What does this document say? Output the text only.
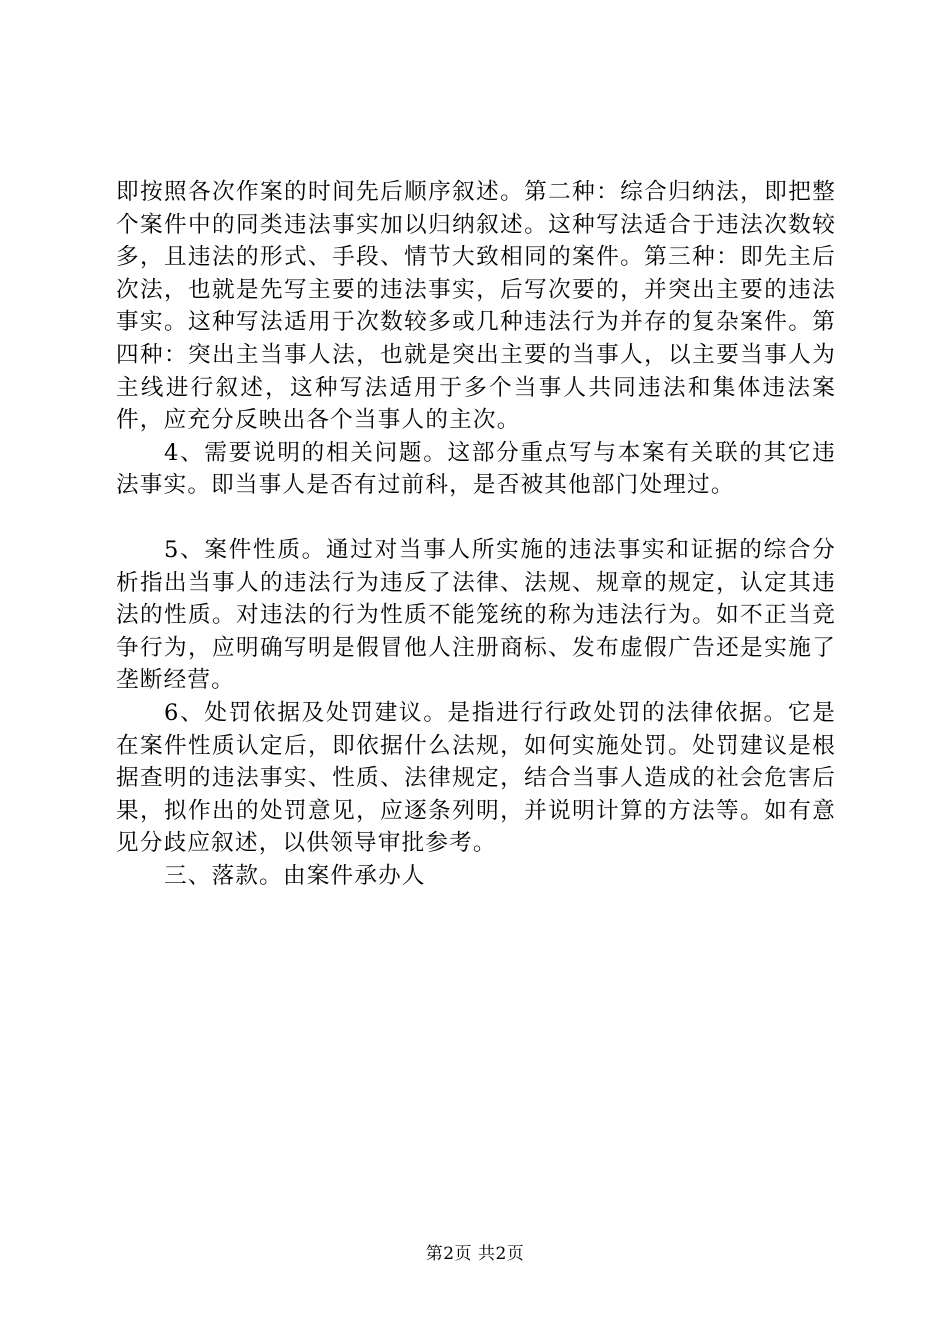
即按照各次作案的时间先后顺序叙述。第二种：综合归纳法，即把整个案件中的同类违法事实加以归纳叙述。这种写法适合于违法次数较多，且违法的形式、手段、情节大致相同的案件。第三种：即先主后次法，也就是先写主要的违法事实，后写次要的，并突出主要的违法事实。这种写法适用于次数较多或几种违法行为并存的复杂案件。第四种：突出主当事人法，也就是突出主要的当事人，以主要当事人为主线进行叙述，这种写法适用于多个当事人共同违法和集体违法案件，应充分反映出各个当事人的主次。

4、需要说明的相关问题。这部分重点写与本案有关联的其它违法事实。即当事人是否有过前科，是否被其他部门处理过。

5、案件性质。通过对当事人所实施的违法事实和证据的综合分析指出当事人的违法行为违反了法律、法规、规章的规定，认定其违法的性质。对违法的行为性质不能笼统的称为违法行为。如不正当竞争行为，应明确写明是假冒他人注册商标、发布虚假广告还是实施了垄断经营。

6、处罚依据及处罚建议。是指进行行政处罚的法律依据。它是在案件性质认定后，即依据什么法规，如何实施处罚。处罚建议是根据查明的违法事实、性质、法律规定，结合当事人造成的社会危害后果，拟作出的处罚意见，应逐条列明，并说明计算的方法等。如有意见分歧应叙述，以供领导审批参考。

三、落款。由案件承办人

第2页 共2页
